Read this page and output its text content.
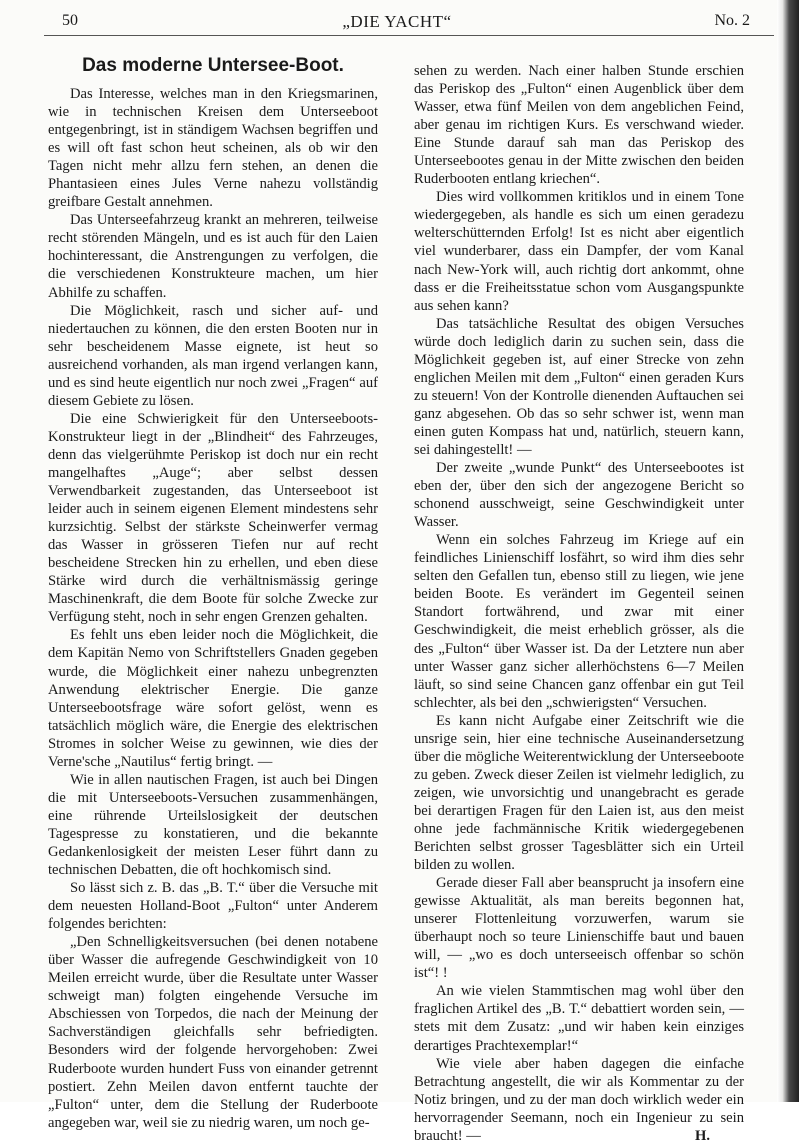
50	„DIE YACHT“	No. 2
Das moderne Untersee-Boot.

Das Interesse, welches man in den Kriegsmarinen, wie in technischen Kreisen dem Unterseeboot entgegenbringt, ist in ständigem Wachsen begriffen und es will oft fast schon heut scheinen, als ob wir den Tagen nicht mehr allzu fern stehen, an denen die Phantasieen eines Jules Verne nahezu vollständig greifbare Gestalt annehmen.

Das Unterseefahrzeug krankt an mehreren, teilweise recht störenden Mängeln, und es ist auch für den Laien hochinteressant, die Anstrengungen zu verfolgen, die die verschiedenen Konstrukteure machen, um hier Abhilfe zu schaffen.

Die Möglichkeit, rasch und sicher auf- und niedertauchen zu können, die den ersten Booten nur in sehr bescheidenem Masse eignete, ist heut so ausreichend vorhanden, als man irgend verlangen kann, und es sind heute eigentlich nur noch zwei „Fragen“ auf diesem Gebiete zu lösen.

Die eine Schwierigkeit für den Unterseeboots-Konstrukteur liegt in der „Blindheit“ des Fahrzeuges, denn das vielgerühmte Periskop ist doch nur ein recht mangelhaftes „Auge“; aber selbst dessen Verwendbarkeit zugestanden, das Unterseeboot ist leider auch in seinem eigenen Element mindestens sehr kurzsichtig. Selbst der stärkste Scheinwerfer vermag das Wasser in grösseren Tiefen nur auf recht bescheidene Strecken hin zu erhellen, und eben diese Stärke wird durch die verhältnismässig geringe Maschinenkraft, die dem Boote für solche Zwecke zur Verfügung steht, noch in sehr engen Grenzen gehalten.

Es fehlt uns eben leider noch die Möglichkeit, die dem Kapitän Nemo von Schriftstellers Gnaden gegeben wurde, die Möglichkeit einer nahezu unbegrenzten Anwendung elektrischer Energie. Die ganze Unterseebootsfrage wäre sofort gelöst, wenn es tatsächlich möglich wäre, die Energie des elektrischen Stromes in solcher Weise zu gewinnen, wie dies der Verne'sche „Nautilus“ fertig bringt. —

Wie in allen nautischen Fragen, ist auch bei Dingen die mit Unterseeboots-Versuchen zusammenhängen, eine rührende Urteilslosigkeit der deutschen Tagespresse zu konstatieren, und die bekannte Gedankenlosigkeit der meisten Leser führt dann zu technischen Debatten, die oft hochkomisch sind.

So lässt sich z. B. das „B. T.“ über die Versuche mit dem neuesten Holland-Boot „Fulton“ unter Anderem folgendes berichten:

„Den Schnelligkeitsversuchen (bei denen notabene über Wasser die aufregende Geschwindigkeit von 10 Meilen erreicht wurde, über die Resultate unter Wasser schweigt man) folgten eingehende Versuche im Abschiessen von Torpedos, die nach der Meinung der Sachverständigen gleichfalls sehr befriedigten. Besonders wird der folgende hervorgehoben: Zwei Ruderboote wurden hundert Fuss von einander getrennt postiert. Zehn Meilen davon entfernt tauchte der „Fulton“ unter, dem die Stellung der Ruderboote angegeben war, weil sie zu niedrig waren, um noch ge-

sehen zu werden. Nach einer halben Stunde erschien das Periskop des „Fulton“ einen Augenblick über dem Wasser, etwa fünf Meilen von dem angeblichen Feind, aber genau im richtigen Kurs. Es verschwand wieder. Eine Stunde darauf sah man das Periskop des Unterseebootes genau in der Mitte zwischen den beiden Ruderbooten entlang kriechen“.

Dies wird vollkommen kritiklos und in einem Tone wiedergegeben, als handle es sich um einen geradezu welterschütternden Erfolg! Ist es nicht aber eigentlich viel wunderbarer, dass ein Dampfer, der vom Kanal nach New-York will, auch richtig dort ankommt, ohne dass er die Freiheitsstatue schon vom Ausgangspunkte aus sehen kann?

Das tatsächliche Resultat des obigen Versuches würde doch lediglich darin zu suchen sein, dass die Möglichkeit gegeben ist, auf einer Strecke von zehn englichen Meilen mit dem „Fulton“ einen geraden Kurs zu steuern! Von der Kontrolle dienenden Auftauchen sei ganz abgesehen. Ob das so sehr schwer ist, wenn man einen guten Kompass hat und, natürlich, steuern kann, sei dahingestellt! —

Der zweite „wunde Punkt“ des Unterseebootes ist eben der, über den sich der angezogene Bericht so schonend ausschweigt, seine Geschwindigkeit unter Wasser.

Wenn ein solches Fahrzeug im Kriege auf ein feindliches Linienschiff losfährt, so wird ihm dies sehr selten den Gefallen tun, ebenso still zu liegen, wie jene beiden Boote. Es verändert im Gegenteil seinen Standort fortwährend, und zwar mit einer Geschwindigkeit, die meist erheblich grösser, als die des „Fulton“ über Wasser ist. Da der Letztere nun aber unter Wasser ganz sicher allerhöchstens 6—7 Meilen läuft, so sind seine Chancen ganz offenbar ein gut Teil schlechter, als bei den „schwierigsten“ Versuchen.

Es kann nicht Aufgabe einer Zeitschrift wie die unsrige sein, hier eine technische Auseinandersetzung über die mögliche Weiterentwicklung der Unterseeboote zu geben. Zweck dieser Zeilen ist vielmehr lediglich, zu zeigen, wie unvorsichtig und unangebracht es gerade bei derartigen Fragen für den Laien ist, aus den meist ohne jede fachmännische Kritik wiedergegebenen Berichten selbst grosser Tagesblätter sich ein Urteil bilden zu wollen.

Gerade dieser Fall aber beansprucht ja insofern eine gewisse Aktualität, als man bereits begonnen hat, unserer Flottenleitung vorzuwerfen, warum sie überhaupt noch so teure Linienschiffe baut und bauen will, — „wo es doch unterseeisch offenbar so schön ist“! !

An wie vielen Stammtischen mag wohl über den fraglichen Artikel des „B. T.“ debattiert worden sein, — stets mit dem Zusatz: „und wir haben kein einziges derartiges Prachtexemplar!“

Wie viele aber haben dagegen die einfache Betrachtung angestellt, die wir als Kommentar zu der Notiz bringen, und zu der man doch wirklich weder ein hervorragender Seemann, noch ein Ingenieur zu sein braucht! —	H.
